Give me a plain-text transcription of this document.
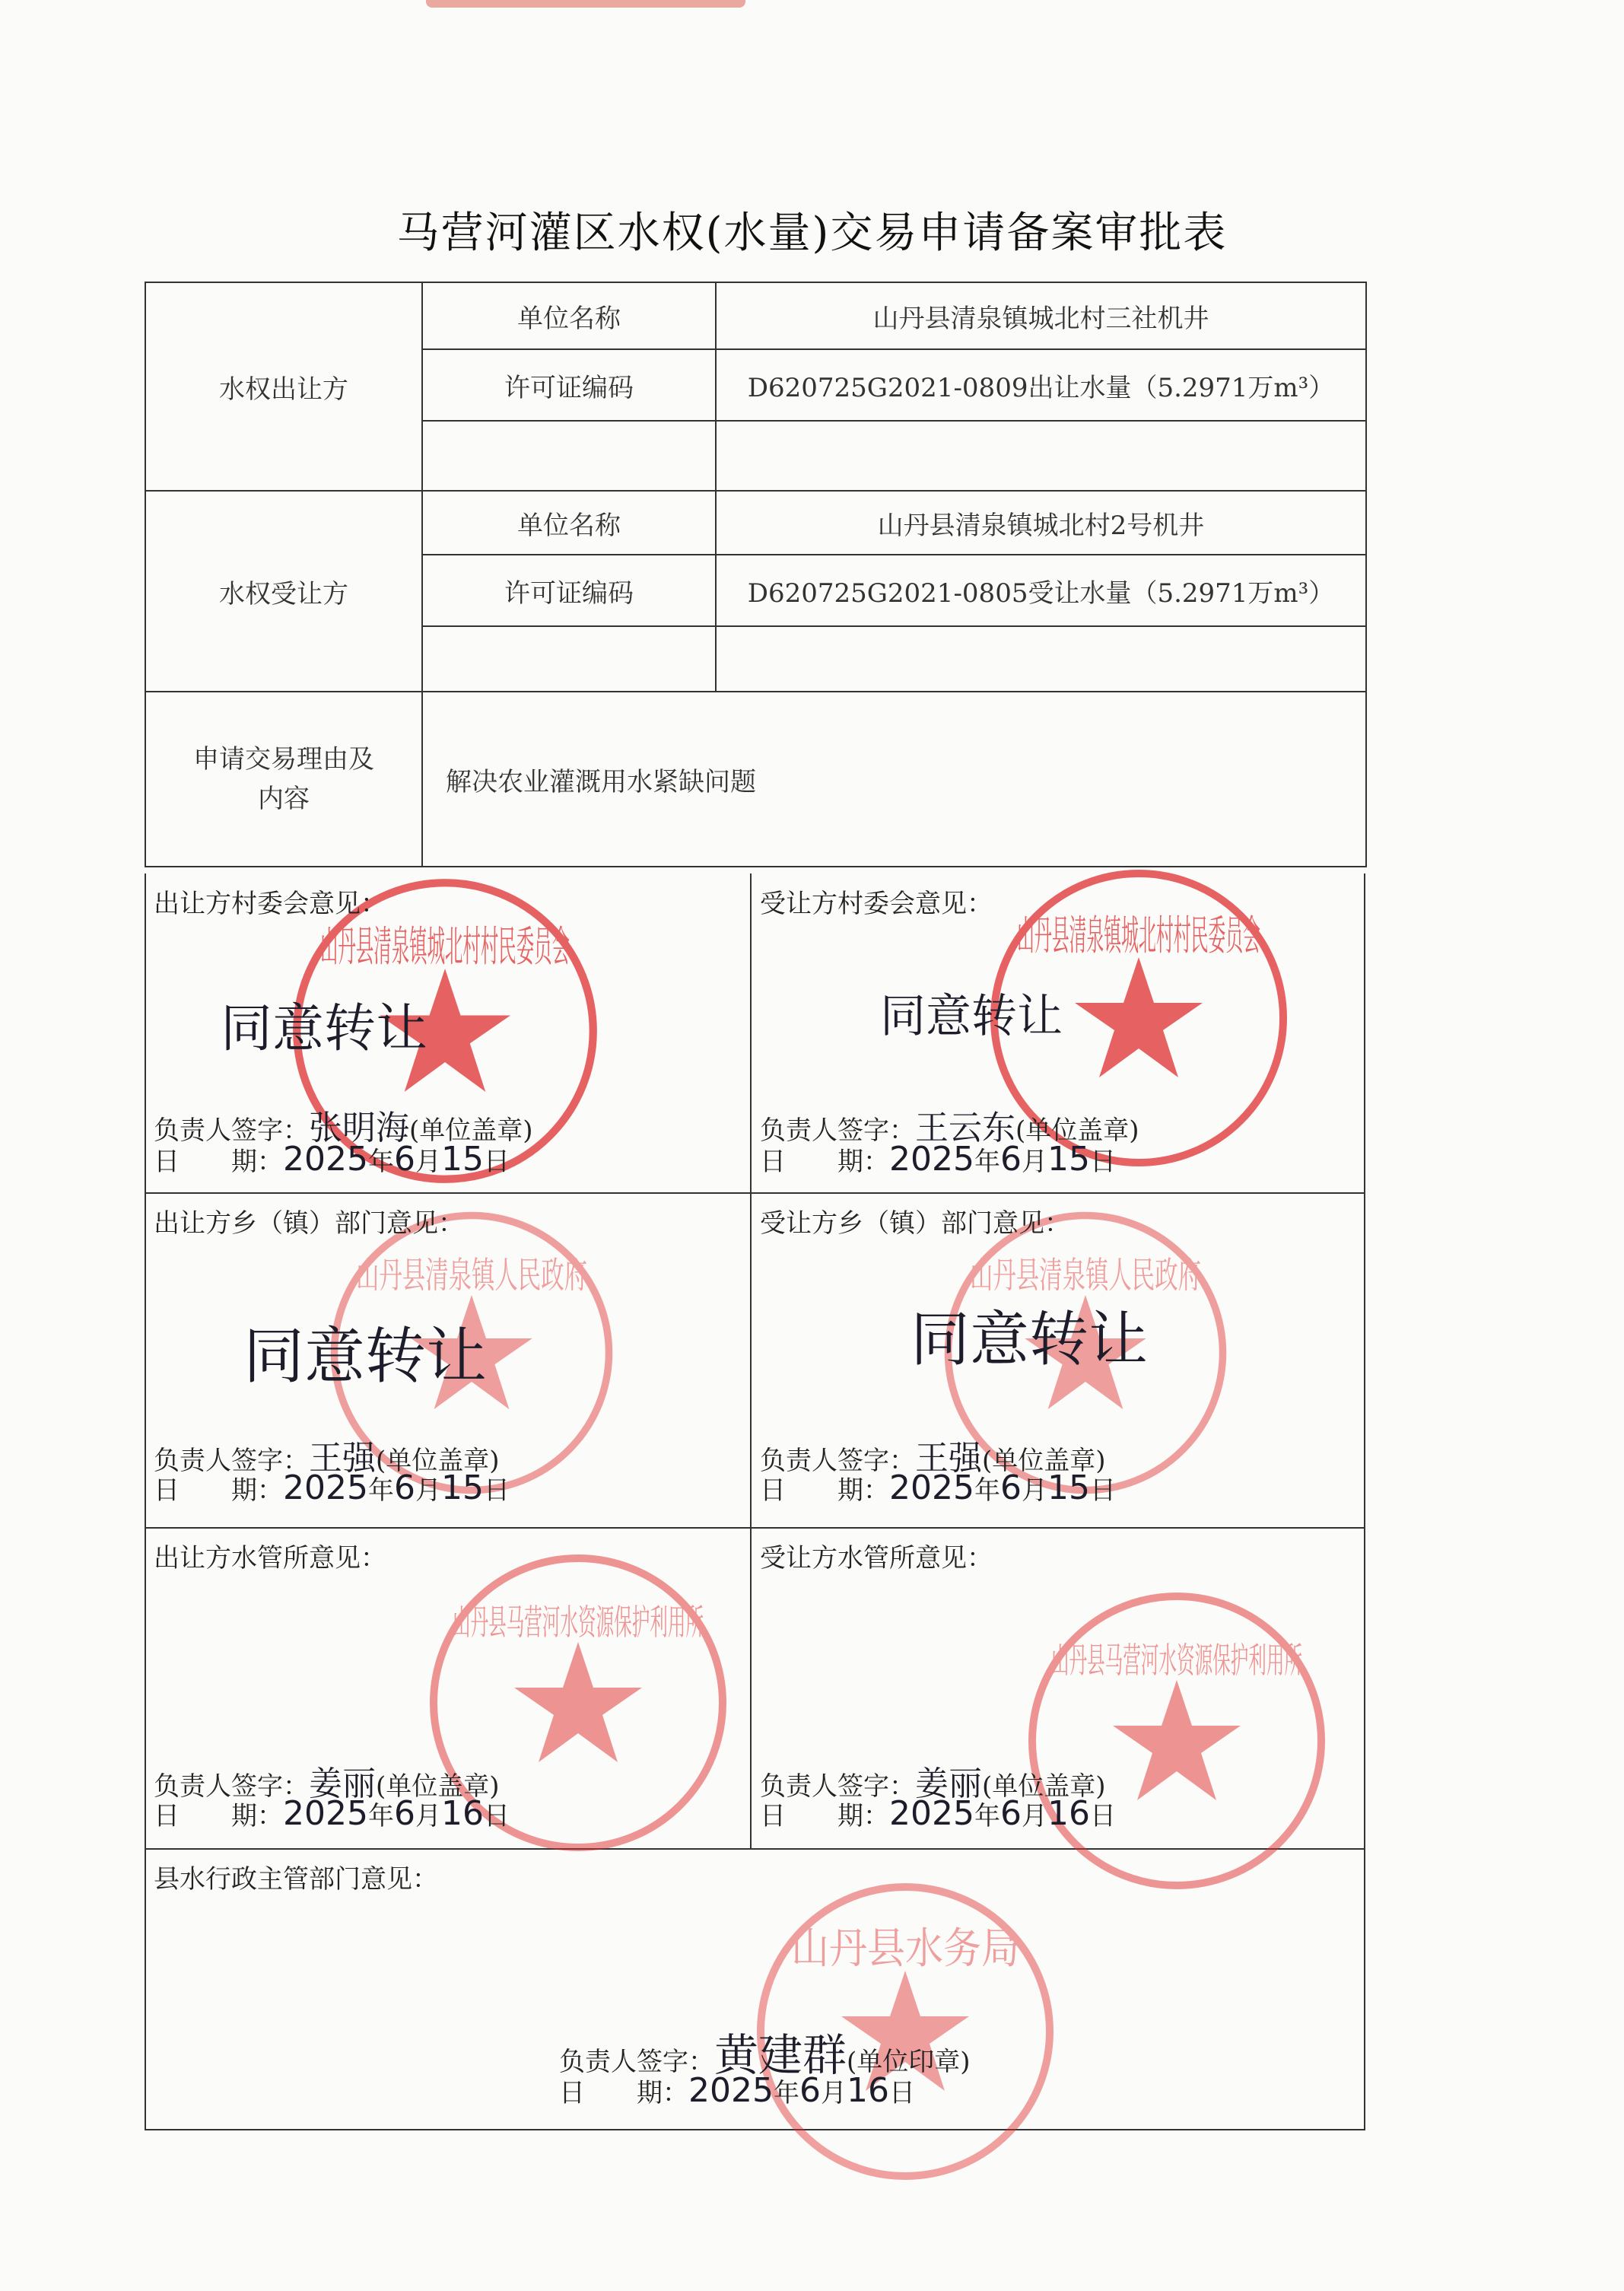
马营河灌区水权(水量)交易申请备案审批表
水权出让方	单位名称	山丹县清泉镇城北村三社机井
	许可证编码	D620725G2021-0809出让水量（5.2971万m³）

水权受让方	单位名称	山丹县清泉镇城北村2号机井
	许可证编码	D620725G2021-0805受让水量（5.2971万m³）

申请交易理由及内容	解决农业灌溉用水紧缺问题	
山丹县清泉镇城北村村民委员会
出让方村委会意见：
同意转让
负责人签字：张明海(单位盖章)
日　　期：2025年6月15日
山丹县清泉镇城北村村民委员会
受让方村委会意见：
同意转让
负责人签字：王云东(单位盖章)
日　　期：2025年6月15日
山丹县清泉镇人民政府
出让方乡（镇）部门意见：
同意转让
负责人签字：王强(单位盖章)
日　　期：2025年6月15日
山丹县清泉镇人民政府
受让方乡（镇）部门意见：
同意转让
负责人签字：王强(单位盖章)
日　　期：2025年6月15日
山丹县马营河水资源保护利用所
出让方水管所意见：
负责人签字：姜丽(单位盖章)
日　　期：2025年6月16日
山丹县马营河水资源保护利用所
受让方水管所意见：
负责人签字：姜丽(单位盖章)
日　　期：2025年6月16日
山丹县水务局
县水行政主管部门意见：
负责人签字：黄建群(单位印章)
日　　期：2025年6月16日
